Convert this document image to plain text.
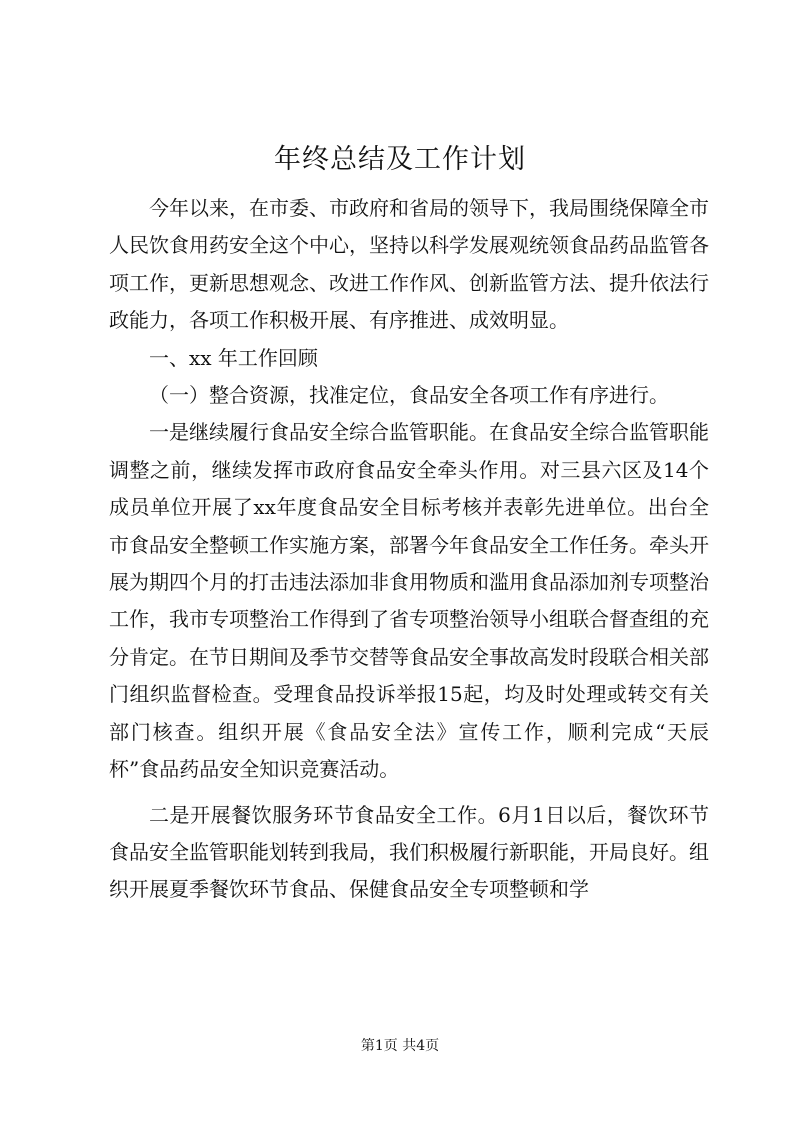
年终总结及工作计划

今年以来，在市委、市政府和省局的领导下，我局围绕保障全市人民饮食用药安全这个中心，坚持以科学发展观统领食品药品监管各项工作，更新思想观念、改进工作作风、创新监管方法、提升依法行政能力，各项工作积极开展、有序推进、成效明显。

一、xx 年工作回顾

（一）整合资源，找准定位，食品安全各项工作有序进行。

一是继续履行食品安全综合监管职能。在食品安全综合监管职能调整之前，继续发挥市政府食品安全牵头作用。对三县六区及14个成员单位开展了xx年度食品安全目标考核并表彰先进单位。出台全市食品安全整顿工作实施方案，部署今年食品安全工作任务。牵头开展为期四个月的打击违法添加非食用物质和滥用食品添加剂专项整治工作，我市专项整治工作得到了省专项整治领导小组联合督查组的充分肯定。在节日期间及季节交替等食品安全事故高发时段联合相关部门组织监督检查。受理食品投诉举报15起，均及时处理或转交有关部门核查。组织开展《食品安全法》宣传工作，顺利完成“天辰杯”食品药品安全知识竞赛活动。

二是开展餐饮服务环节食品安全工作。6月1日以后，餐饮环节食品安全监管职能划转到我局，我们积极履行新职能，开局良好。组织开展夏季餐饮环节食品、保健食品安全专项整顿和学

第1页 共4页
